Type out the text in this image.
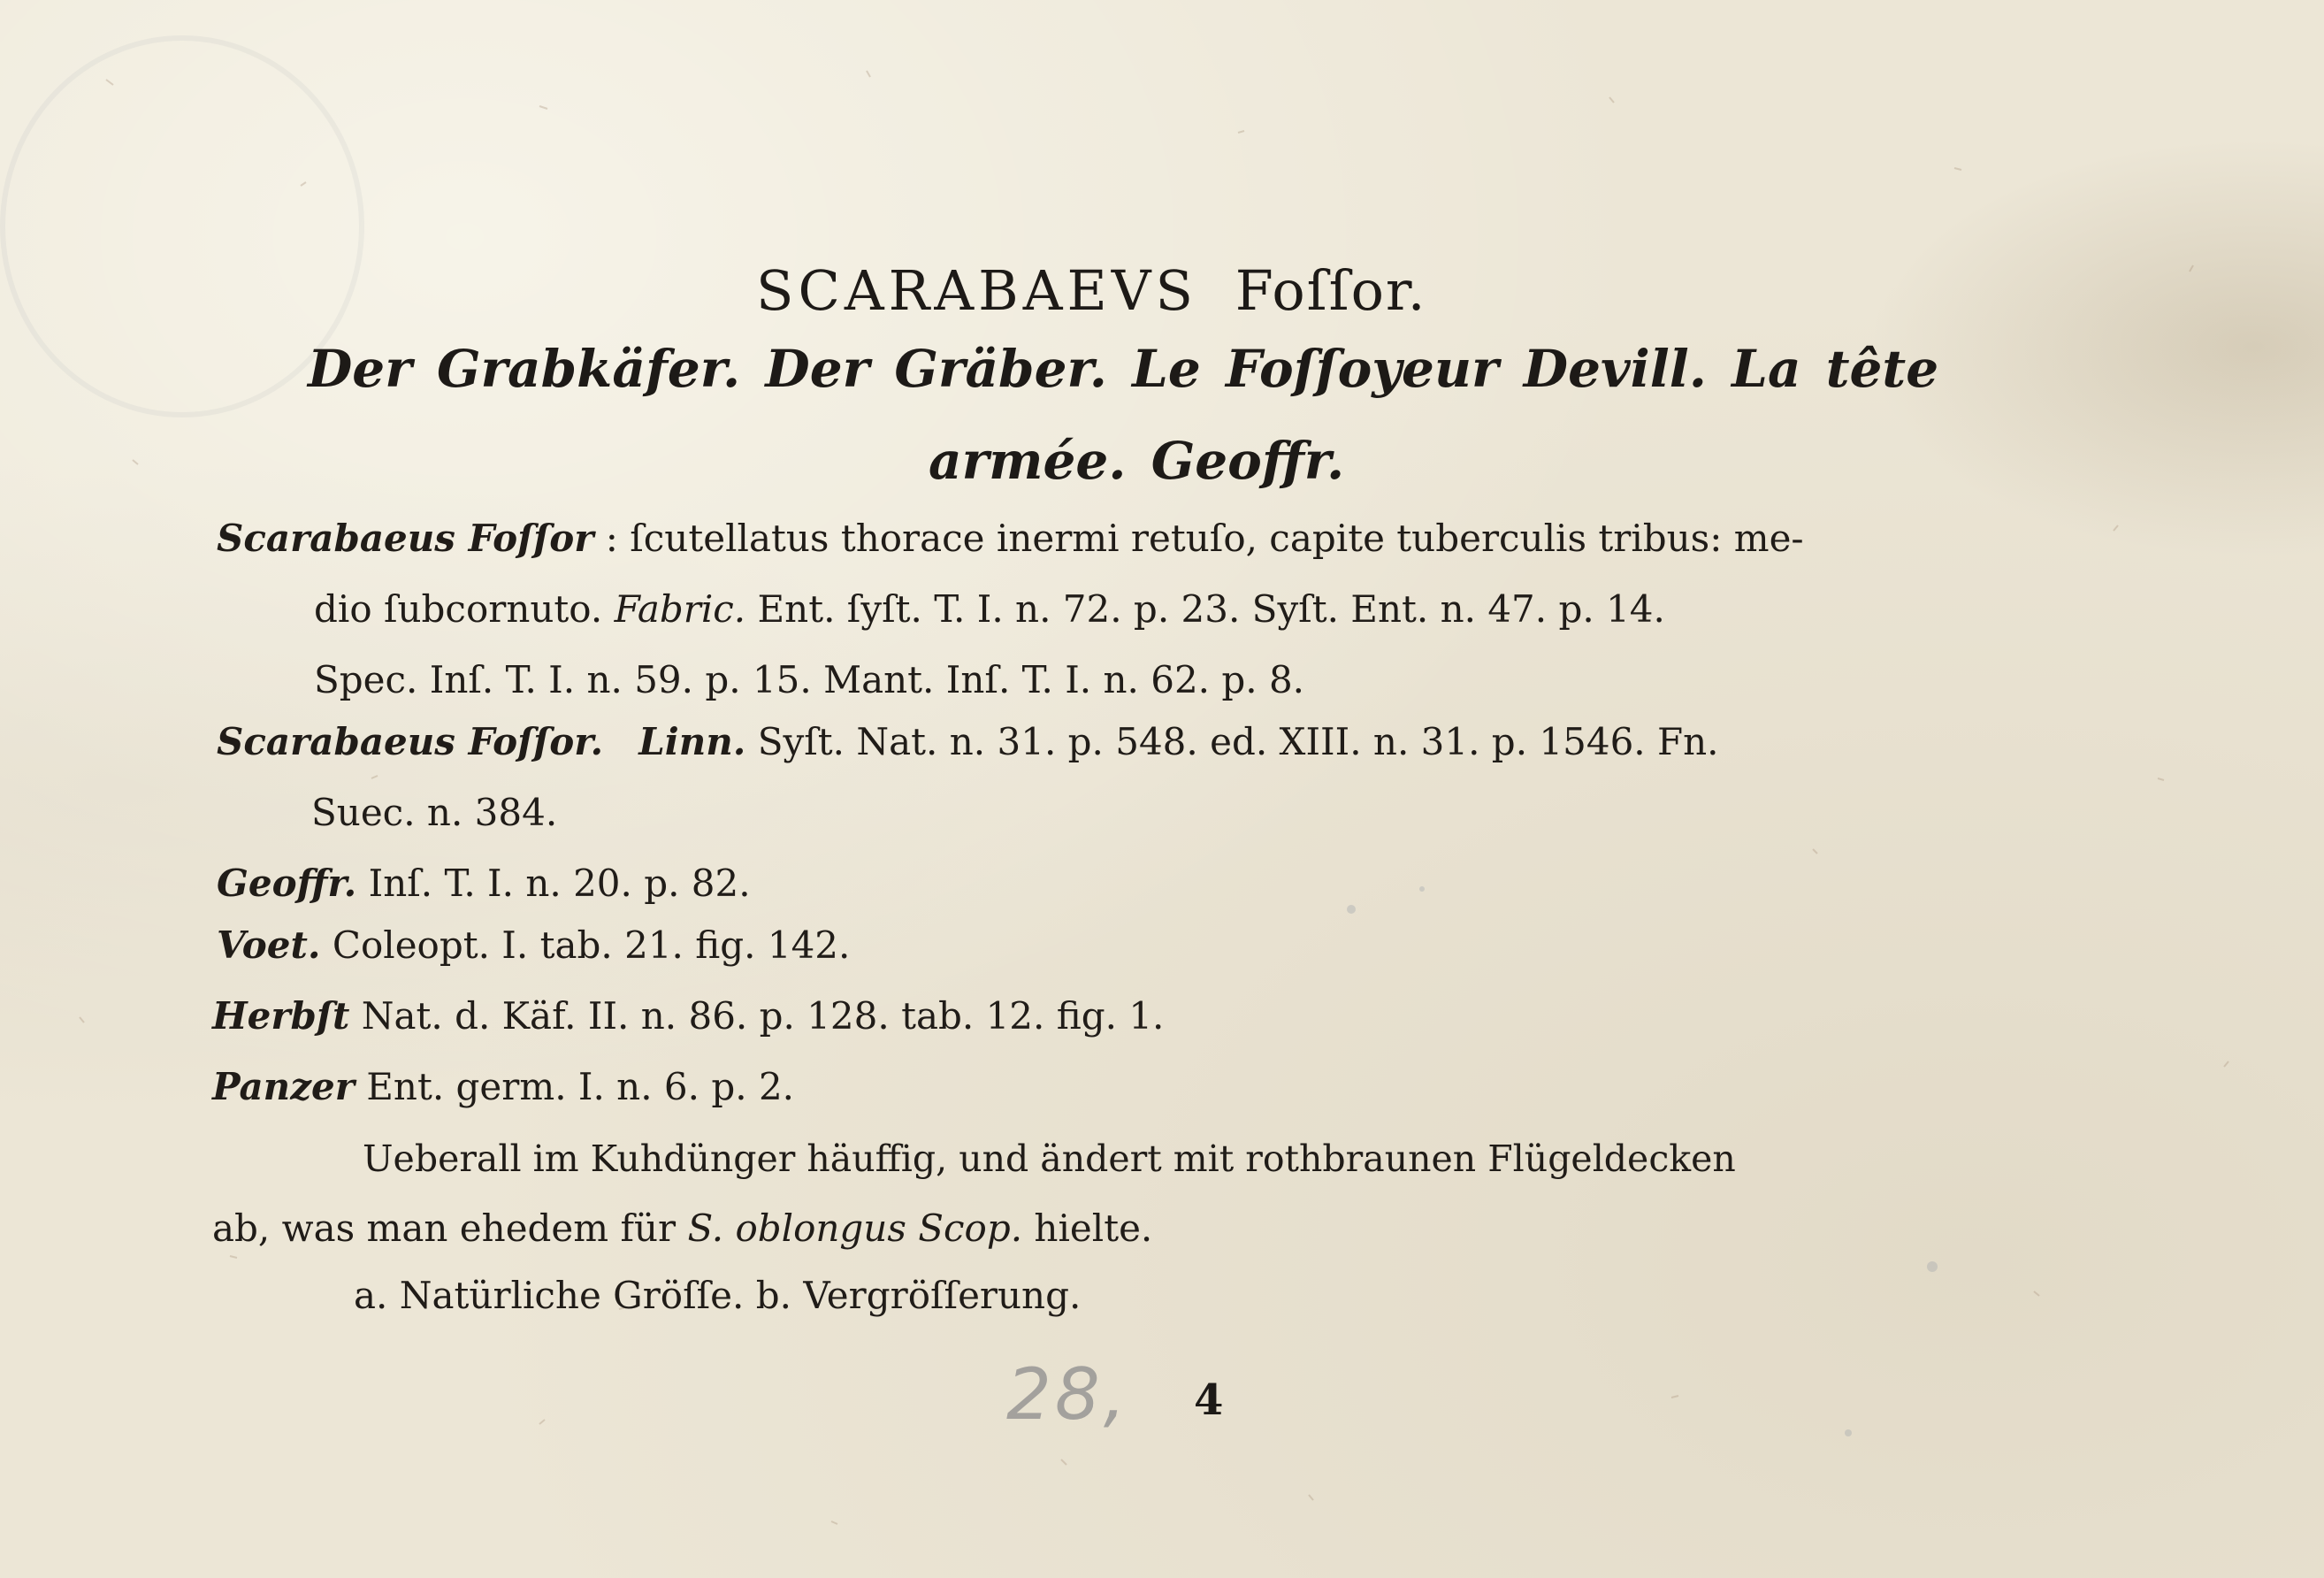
SCARABAEVS Foſſor.
Der Grabkäfer. Der Gräber. Le Foſſoyeur Devill. La tête
armée. Geoffr.
Scarabaeus Foſſor : ſcutellatus thorace inermi retuſo, capite tuberculis tribus: me-
dio ſubcornuto. Fabric. Ent. ſyſt. T. I. n. 72. p. 23. Syſt. Ent. n. 47. p. 14.
Spec. Inſ. T. I. n. 59. p. 15. Mant. Inſ. T. I. n. 62. p. 8.
Scarabaeus Foſſor. Linn. Syſt. Nat. n. 31. p. 548. ed. XIII. n. 31. p. 1546. Fn.
Suec. n. 384.
Geoffr. Inſ. T. I. n. 20. p. 82.
Voet. Coleopt. I. tab. 21. fig. 142.
Herbſt Nat. d. Käf. II. n. 86. p. 128. tab. 12. fig. 1.
Panzer Ent. germ. I. n. 6. p. 2.
Ueberall im Kuhdünger häuffig, und ändert mit rothbraunen Flügeldecken
ab, was man ehedem für S. oblongus Scop. hielte.
a. Natürliche Gröſſe. b. Vergröſſerung.
28, 4
